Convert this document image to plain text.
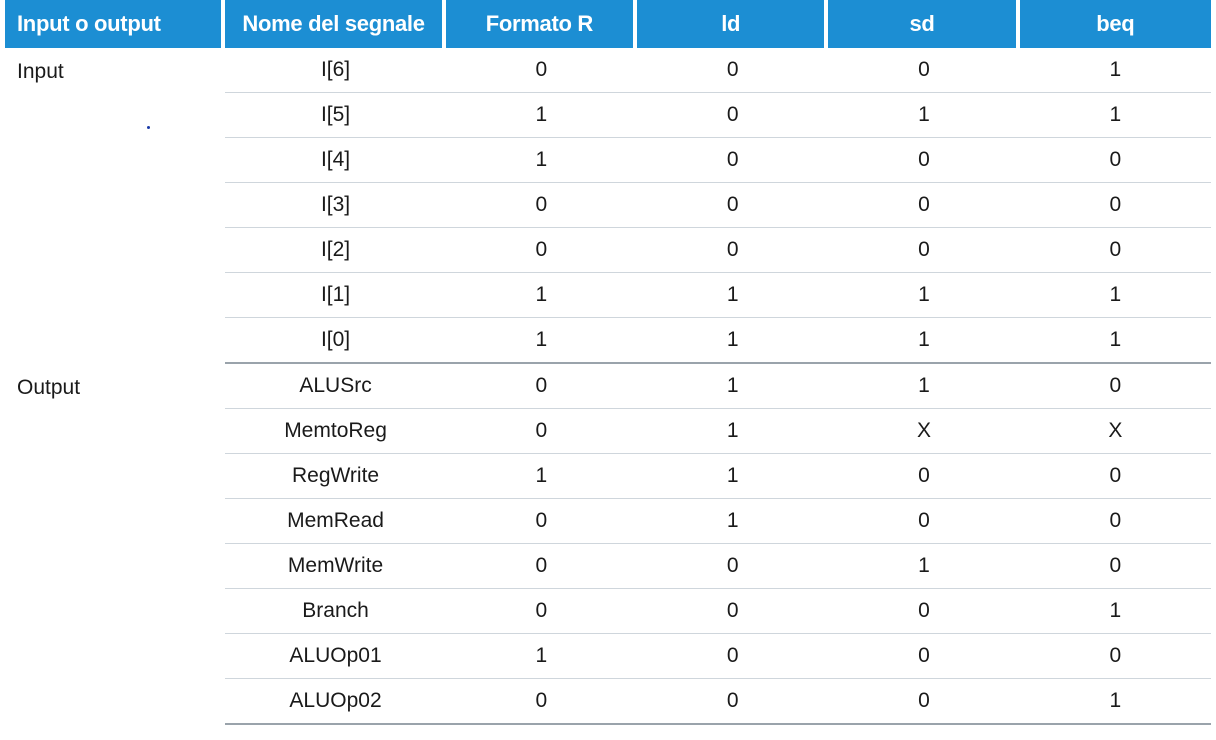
Input o output	Nome del segnale	Formato R	ld	sd	beq
Input	I[6]	0	0	0	1
	I[5]	1	0	1	1
	I[4]	1	0	0	0
	I[3]	0	0	0	0
	I[2]	0	0	0	0
	I[1]	1	1	1	1
	I[0]	1	1	1	1
Output	ALUSrc	0	1	1	0
	MemtoReg	0	1	X	X
	RegWrite	1	1	0	0
	MemRead	0	1	0	0
	MemWrite	0	0	1	0
	Branch	0	0	0	1
	ALUOp01	1	0	0	0
	ALUOp02	0	0	0	1
